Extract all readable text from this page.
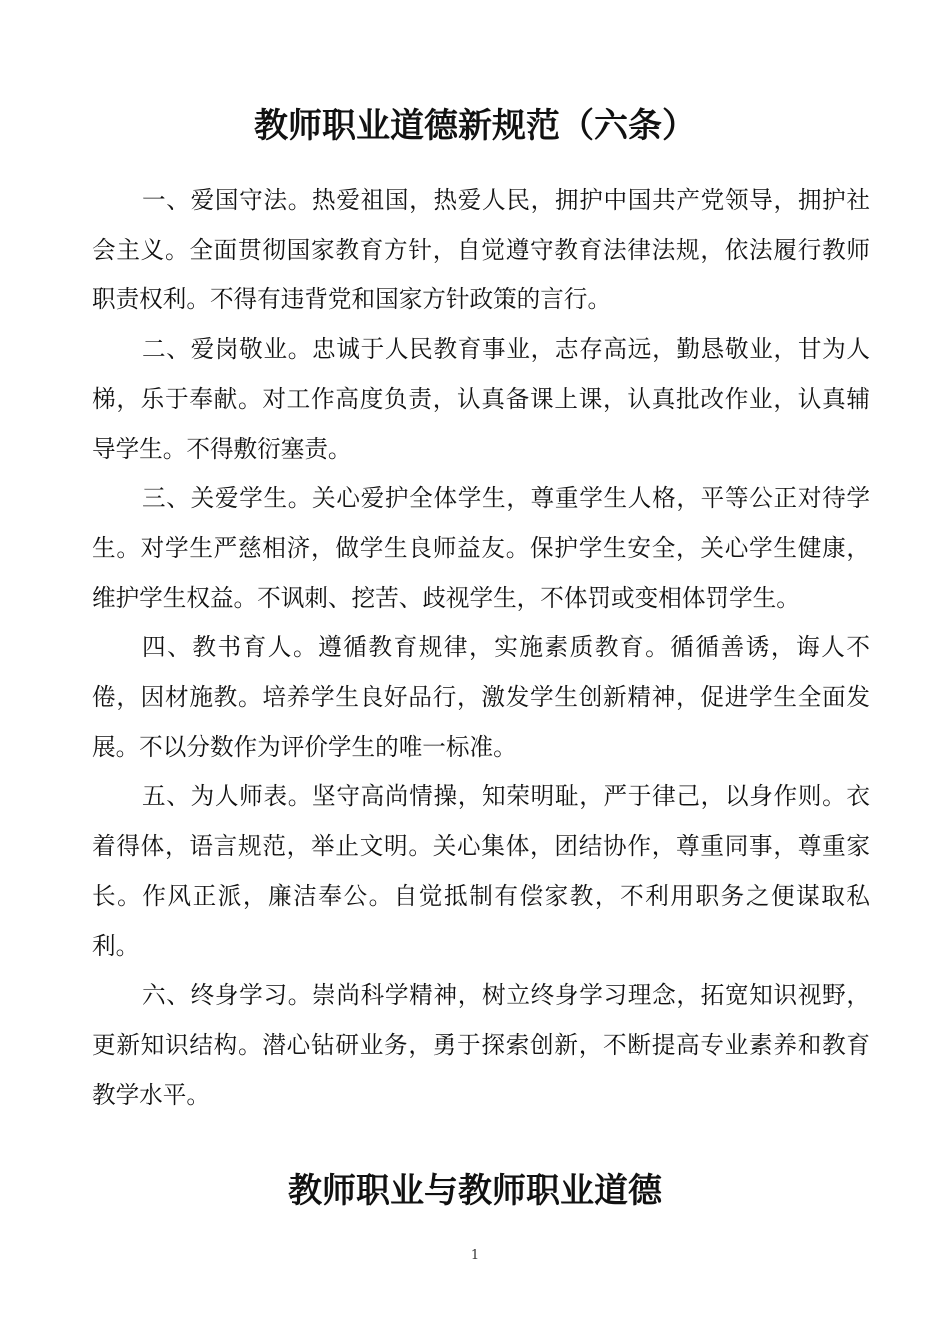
教师职业道德新规范（六条）

一、爱国守法。热爱祖国，热爱人民，拥护中国共产党领导，拥护社会主义。全面贯彻国家教育方针，自觉遵守教育法律法规，依法履行教师职责权利。不得有违背党和国家方针政策的言行。

二、爱岗敬业。忠诚于人民教育事业，志存高远，勤恳敬业，甘为人梯，乐于奉献。对工作高度负责，认真备课上课，认真批改作业，认真辅导学生。不得敷衍塞责。

三、关爱学生。关心爱护全体学生，尊重学生人格，平等公正对待学生。对学生严慈相济，做学生良师益友。保护学生安全，关心学生健康，维护学生权益。不讽刺、挖苦、歧视学生，不体罚或变相体罚学生。

四、教书育人。遵循教育规律，实施素质教育。循循善诱，诲人不倦，因材施教。培养学生良好品行，激发学生创新精神，促进学生全面发展。不以分数作为评价学生的唯一标准。

五、为人师表。坚守高尚情操，知荣明耻，严于律己，以身作则。衣着得体，语言规范，举止文明。关心集体，团结协作，尊重同事，尊重家长。作风正派，廉洁奉公。自觉抵制有偿家教，不利用职务之便谋取私利。

六、终身学习。崇尚科学精神，树立终身学习理念，拓宽知识视野，更新知识结构。潜心钻研业务，勇于探索创新，不断提高专业素养和教育教学水平。

教师职业与教师职业道德
1
